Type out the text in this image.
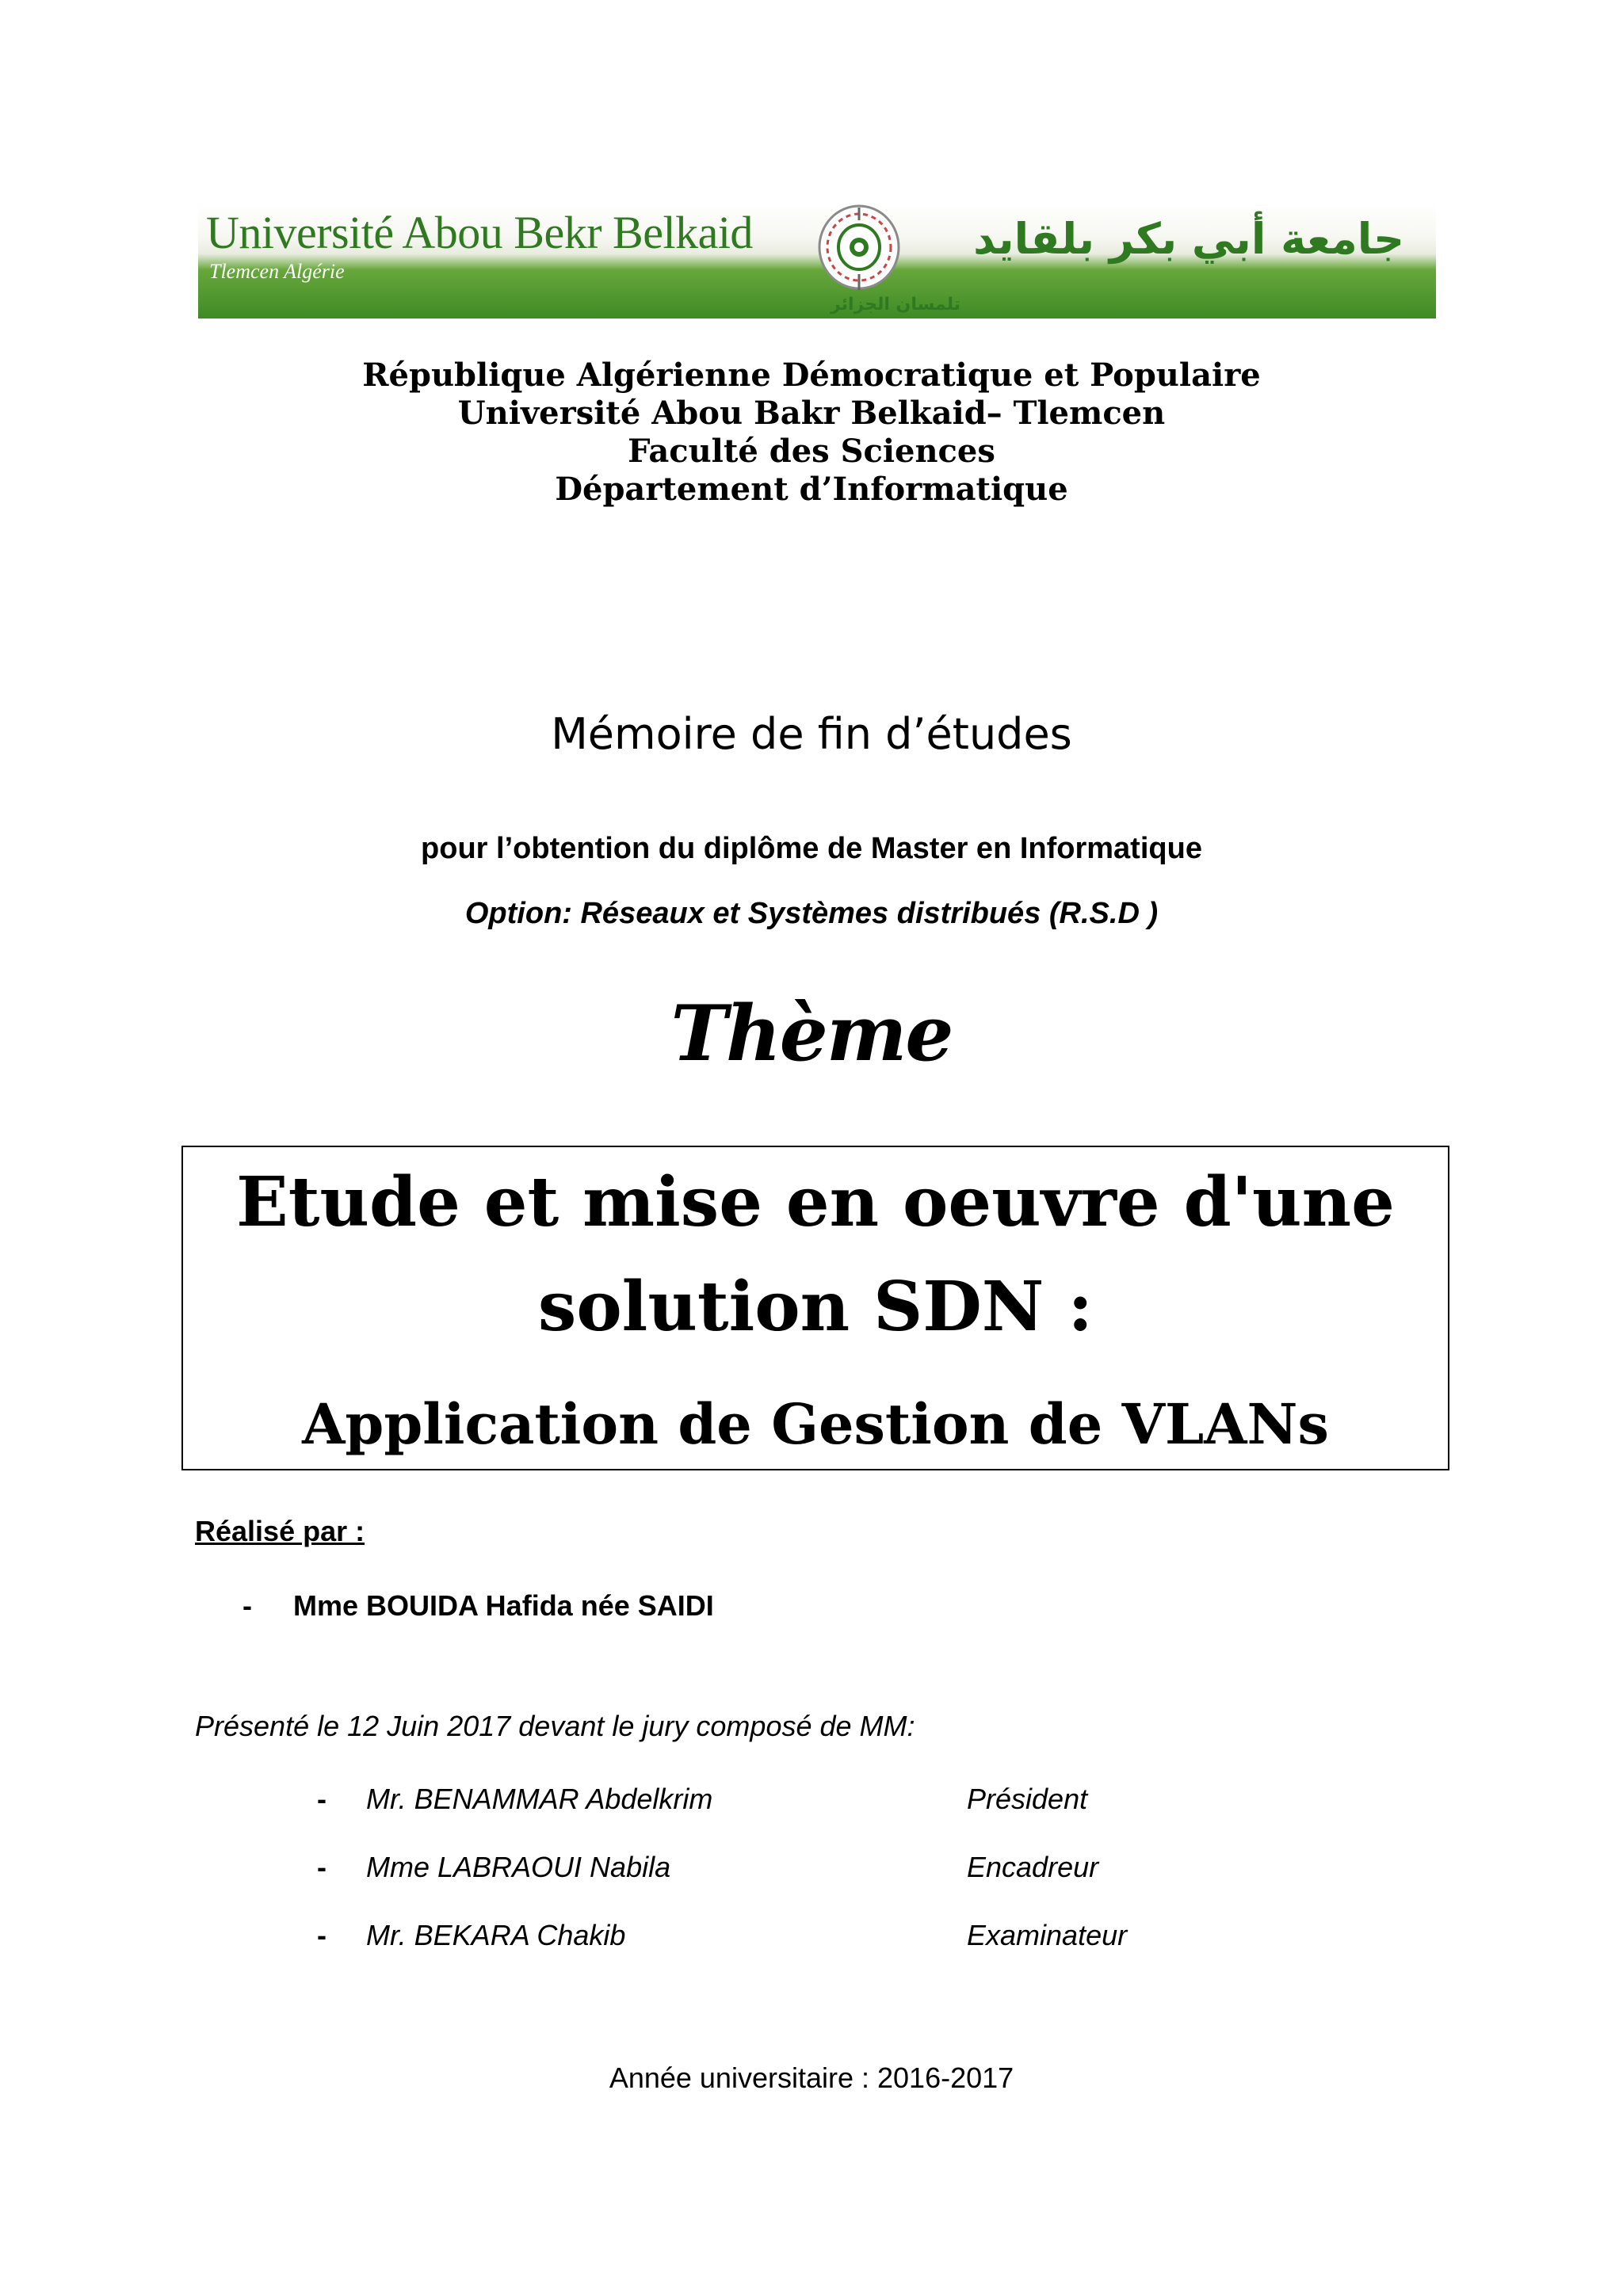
Université Abou Bekr Belkaid
Tlemcen Algérie
جامعة أبي بكر بلقايد
تلمسان الجزائر
République Algérienne Démocratique et Populaire
Université Abou Bakr Belkaid– Tlemcen
Faculté des Sciences
Département d’Informatique
Mémoire de fin d’études
pour l’obtention du diplôme de Master en Informatique
Option: Réseaux et Systèmes distribués (R.S.D )
Thème
Etude et mise en oeuvre d'une
solution SDN :
Application de Gestion de VLANs
Réalisé par :
- Mme BOUIDA Hafida née SAIDI
Présenté le 12 Juin 2017 devant le jury composé de MM:
- Mr. BENAMMAR Abdelkrim	Président
- Mme LABRAOUI Nabila	Encadreur
- Mr. BEKARA Chakib	Examinateur
Année universitaire : 2016-2017
